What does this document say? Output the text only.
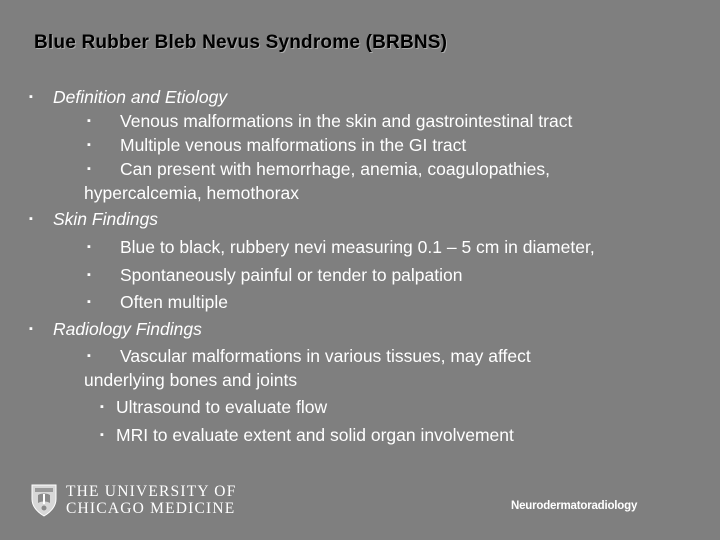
Blue Rubber Bleb Nevus Syndrome (BRBNS)
▪ Definition and Etiology
▪ Venous malformations in the skin and gastrointestinal tract
▪ Multiple venous malformations in the GI tract
▪ Can present with hemorrhage, anemia, coagulopathies,
hypercalcemia, hemothorax
▪ Skin Findings
▪ Blue to black, rubbery nevi measuring 0.1 – 5 cm in diameter,
▪ Spontaneously painful or tender to palpation
▪ Often multiple
▪ Radiology Findings
▪ Vascular malformations in various tissues, may affect
underlying bones and joints
▪ Ultrasound to evaluate flow
▪ MRI to evaluate extent and solid organ involvement
THE UNIVERSITY OF
CHICAGO MEDICINE	Neurodermatoradiology
